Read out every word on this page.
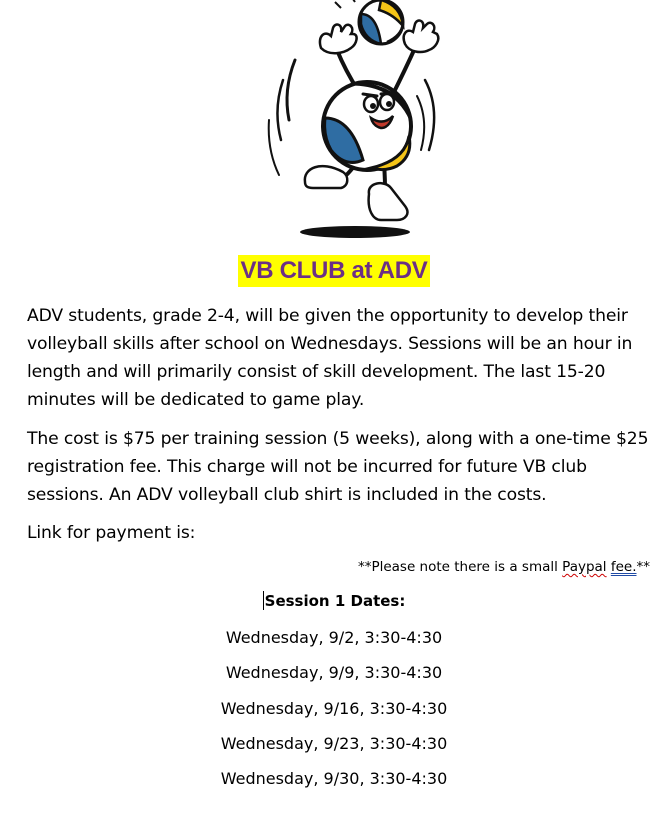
VB CLUB at ADV

ADV students, grade 2-4, will be given the opportunity to develop their volleyball skills after school on Wednesdays. Sessions will be an hour in length and will primarily consist of skill development. The last 15-20 minutes will be dedicated to game play.

The cost is $75 per training session (5 weeks), along with a one-time $25 registration fee. This charge will not be incurred for future VB club sessions. An ADV volleyball club shirt is included in the costs.

Link for payment is:

**Please note there is a small Paypal fee.**
Session 1 Dates:
Wednesday, 9/2, 3:30-4:30
Wednesday, 9/9, 3:30-4:30
Wednesday, 9/16, 3:30-4:30
Wednesday, 9/23, 3:30-4:30
Wednesday, 9/30, 3:30-4:30
